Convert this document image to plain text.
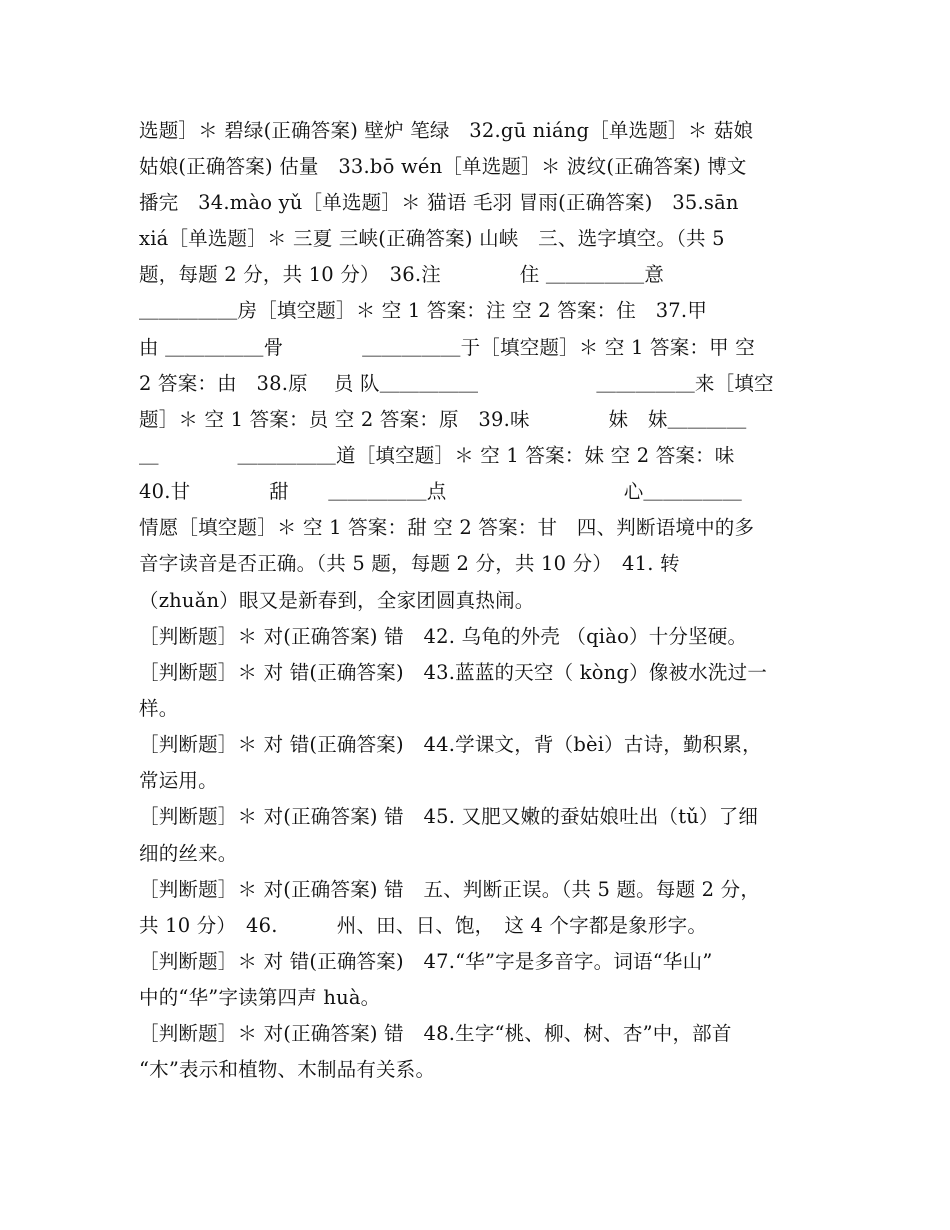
选题］＊ 碧绿(正确答案) 壁炉 笔绿　32.gū niáng［单选题］＊ 菇娘
姑娘(正确答案) 估量　33.bō wén［单选题］＊ 波纹(正确答案) 博文
播完　34.mào yǔ［单选题］＊ 猫语 毛羽 冒雨(正确答案)　35.sān
xiá［单选题］＊ 三夏 三峡(正确答案) 山峡　三、选字填空。（共 5
题，每题 2 分，共 10 分）　36.注　　　　住 ＿＿＿＿＿意
＿＿＿＿＿房［填空题］＊ 空 1 答案：注 空 2 答案：住　37.甲
由 ＿＿＿＿＿骨　　　　＿＿＿＿＿于［填空题］＊ 空 1 答案：甲 空
2 答案：由　38.原　 员 队＿＿＿＿＿　　　　　　＿＿＿＿＿来［填空
题］＊ 空 1 答案：员 空 2 答案：原　39.味　　　　妹　妹＿＿＿＿
＿　　　　＿＿＿＿＿道［填空题］＊ 空 1 答案：妹 空 2 答案：味
40.甘　　　　甜　　＿＿＿＿＿点　　　　　　　　　心＿＿＿＿＿
情愿［填空题］＊ 空 1 答案：甜 空 2 答案：甘　四、判断语境中的多
音字读音是否正确。（共 5 题，每题 2 分，共 10 分）　41. 转
（zhuǎn）眼又是新春到，全家团圆真热闹。
［判断题］＊ 对(正确答案) 错　42. 乌龟的外壳 （qiào）十分坚硬。
［判断题］＊ 对 错(正确答案)　43.蓝蓝的天空（ kòng）像被水洗过一
样。
［判断题］＊ 对 错(正确答案)　44.学课文，背（bèi）古诗，勤积累，
常运用。
［判断题］＊ 对(正确答案) 错　45. 又肥又嫩的蚕姑娘吐出（tǔ）了细
细的丝来。
［判断题］＊ 对(正确答案) 错　五、判断正误。（共 5 题。每题 2 分，
共 10 分）　46.　　　州、田、日、饱，　这 4 个字都是象形字。
［判断题］＊ 对 错(正确答案)　47.“华”字是多音字。词语“华山”
中的“华”字读第四声 huà。
［判断题］＊ 对(正确答案) 错　48.生字“桃、柳、树、杏”中，部首
“木”表示和植物、木制品有关系。
